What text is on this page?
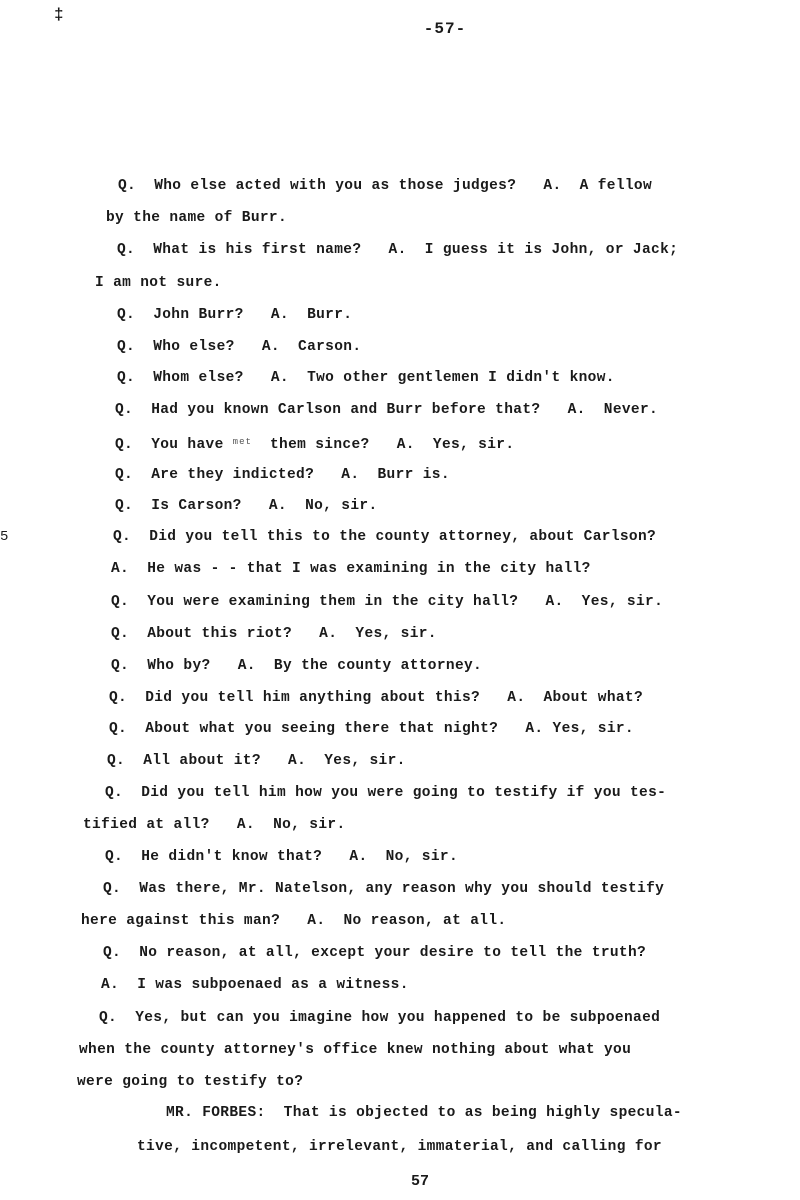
‡
-57-
5
Q.  Who else acted with you as those judges?   A.  A fellow
by the name of Burr.
Q.  What is his first name?   A.  I guess it is John, or Jack;
I am not sure.
Q.  John Burr?   A.  Burr.
Q.  Who else?   A.  Carson.
Q.  Whom else?   A.  Two other gentlemen I didn't know.
Q.  Had you known Carlson and Burr before that?   A.  Never.
Q.  You have $^{met}$  them since?   A.  Yes, sir.
Q.  Are they indicted?   A.  Burr is.
Q.  Is Carson?   A.  No, sir.
Q.  Did you tell this to the county attorney, about Carlson?
A.  He was - - that I was examining in the city hall?
Q.  You were examining them in the city hall?   A.  Yes, sir.
Q.  About this riot?   A.  Yes, sir.
Q.  Who by?   A.  By the county attorney.
Q.  Did you tell him anything about this?   A.  About what?
Q.  About what you seeing there that night?   A. Yes, sir.
Q.  All about it?   A.  Yes, sir.
Q.  Did you tell him how you were going to testify if you tes-
tified at all?   A.  No, sir.
Q.  He didn't know that?   A.  No, sir.
Q.  Was there, Mr. Natelson, any reason why you should testify
here against this man?   A.  No reason, at all.
Q.  No reason, at all, except your desire to tell the truth?
A.  I was subpoenaed as a witness.
Q.  Yes, but can you imagine how you happened to be subpoenaed
when the county attorney's office knew nothing about what you
were going to testify to?
MR. FORBES:  That is objected to as being highly specula-
tive, incompetent, irrelevant, immaterial, and calling for
57
